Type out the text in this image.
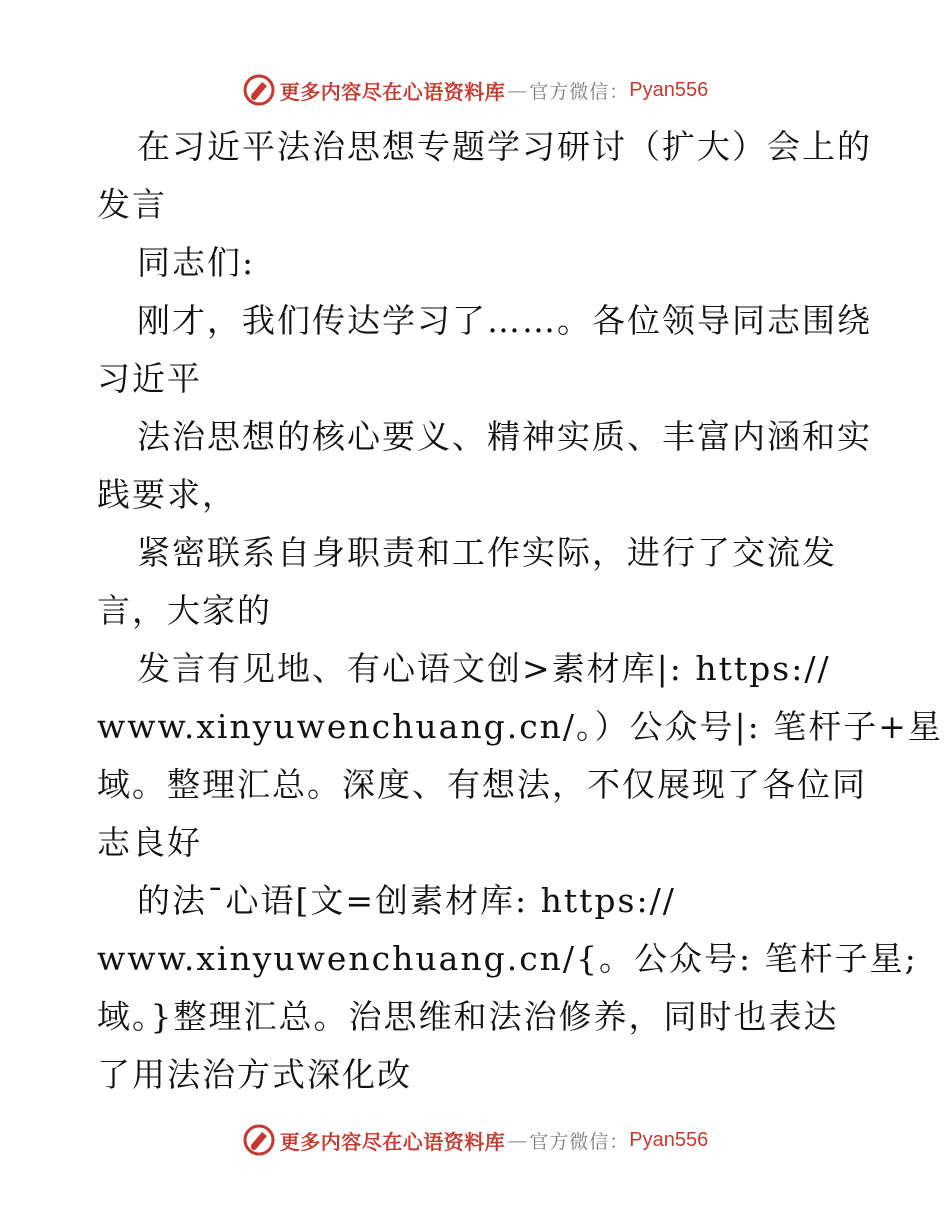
更多内容尽在心语资料库 — 官方微信： Pyan556
在习近平法治思想专题学习研讨（扩大）会上的
发言
同志们:
刚才，我们传达学习了……。各位领导同志围绕
习近平
法治思想的核心要义、精神实质、丰富内涵和实
践要求，
紧密联系自身职责和工作实际，进行了交流发
言，大家的
发言有见地、有心语文创>素材库|: https://
www.xinyuwenchuang.cn/。）公众号|: 笔杆子+星
域。整理汇总。深度、有想法，不仅展现了各位同
志良好
的法¯心语[文=创素材库: https://
www.xinyuwenchuang.cn/{。公众号: 笔杆子星;
域。}整理汇总。治思维和法治修养，同时也表达
了用法治方式深化改
更多内容尽在心语资料库 — 官方微信： Pyan556
